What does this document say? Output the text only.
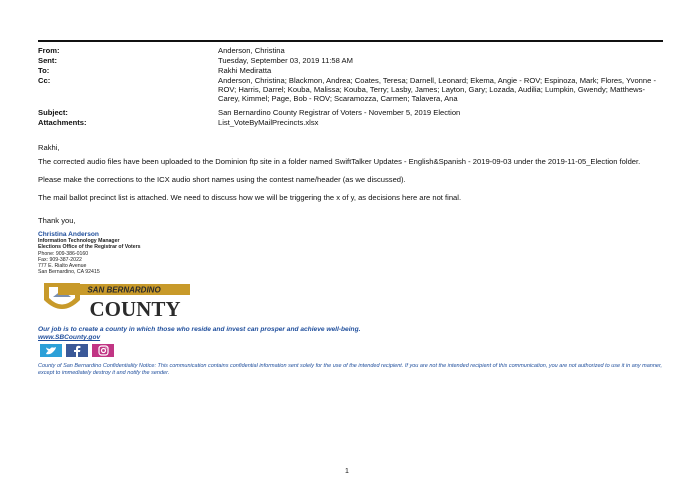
From:	Anderson, Christina
Sent:	Tuesday, September 03, 2019 11:58 AM
To:	Rakhi Mediratta
Cc:	Anderson, Christina; Blackmon, Andrea; Coates, Teresa; Darnell, Leonard; Ekema, Angie - ROV; Espinoza, Mark; Flores, Yvonne - ROV; Harris, Darrel; Kouba, Malissa; Kouba, Terry; Lasby, James; Layton, Gary; Lozada, Audilia; Lumpkin, Gwendy; Matthews-Carey, Kimmel; Page, Bob - ROV; Scaramozza, Carmen; Talavera, Ana
Subject:	San Bernardino County Registrar of Voters - November 5, 2019 Election
Attachments:	List_VoteByMailPrecincts.xlsx
Rakhi,
The corrected audio files have been uploaded to the Dominion ftp site in a folder named SwiftTalker Updates - English&Spanish - 2019-09-03 under the 2019-11-05_Election folder.
Please make the corrections to the ICX audio short names using the contest name/header (as we discussed).
The mail ballot precinct list is attached. We need to discuss how we will be triggering the x of y, as decisions here are not final.
Thank you,
Christina Anderson
Information Technology Manager
Elections Office of the Registrar of Voters
Phone: 909-386-0160
Fax: 909-387-2022
777 E. Rialto Avenue
San Bernardino, CA 92415
SAN BERNARDINO
COUNTY
Our job is to create a county in which those who reside and invest can prosper and achieve well-being.
www.SBCounty.gov
County of San Bernardino Confidentiality Notice: This communication contains confidential information sent solely for the use of the intended recipient. If you are not the intended recipient of this communication, you are not authorized to use it in any manner, except to immediately destroy it and notify the sender.
1
